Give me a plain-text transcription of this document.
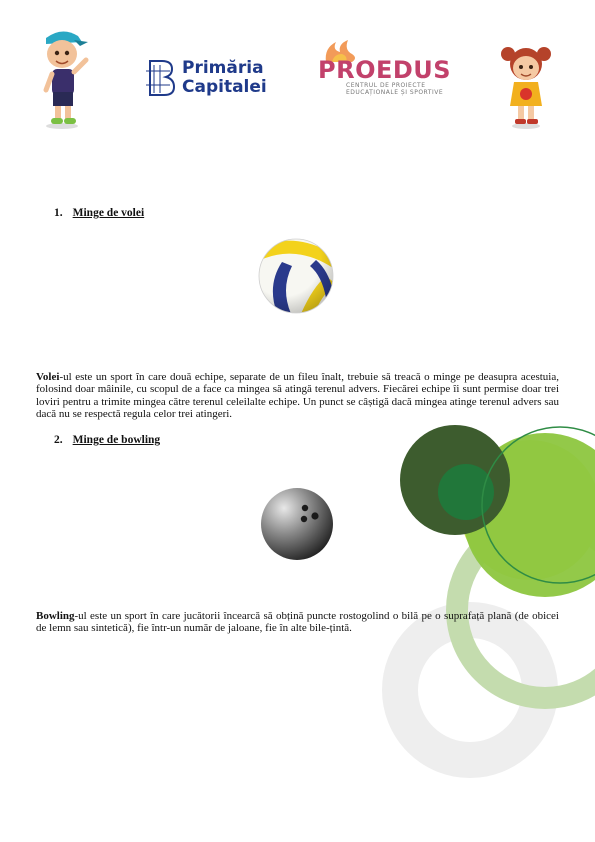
Primăria
Capitalei
PROEDUS
CENTRUL DE PROIECTE
EDUCAȚIONALE ȘI SPORTIVE
1. Minge de volei
Volei-ul este un sport în care două echipe, separate de un fileu înalt, trebuie să treacă o minge pe deasupra acestuia, folosind doar mâinile, cu scopul de a face ca mingea să atingă terenul advers. Fiecărei echipe îi sunt permise doar trei loviri pentru a trimite mingea către terenul celeilalte echipe. Un punct se câștigă dacă mingea atinge terenul advers sau dacă nu se respectă regula celor trei atingeri.
2. Minge de bowling
Bowling-ul este un sport în care jucătorii încearcă să obțină puncte rostogolind o bilă pe o suprafață plană (de obicei de lemn sau sintetică), fie într-un număr de jaloane, fie în alte bile-țintă.
